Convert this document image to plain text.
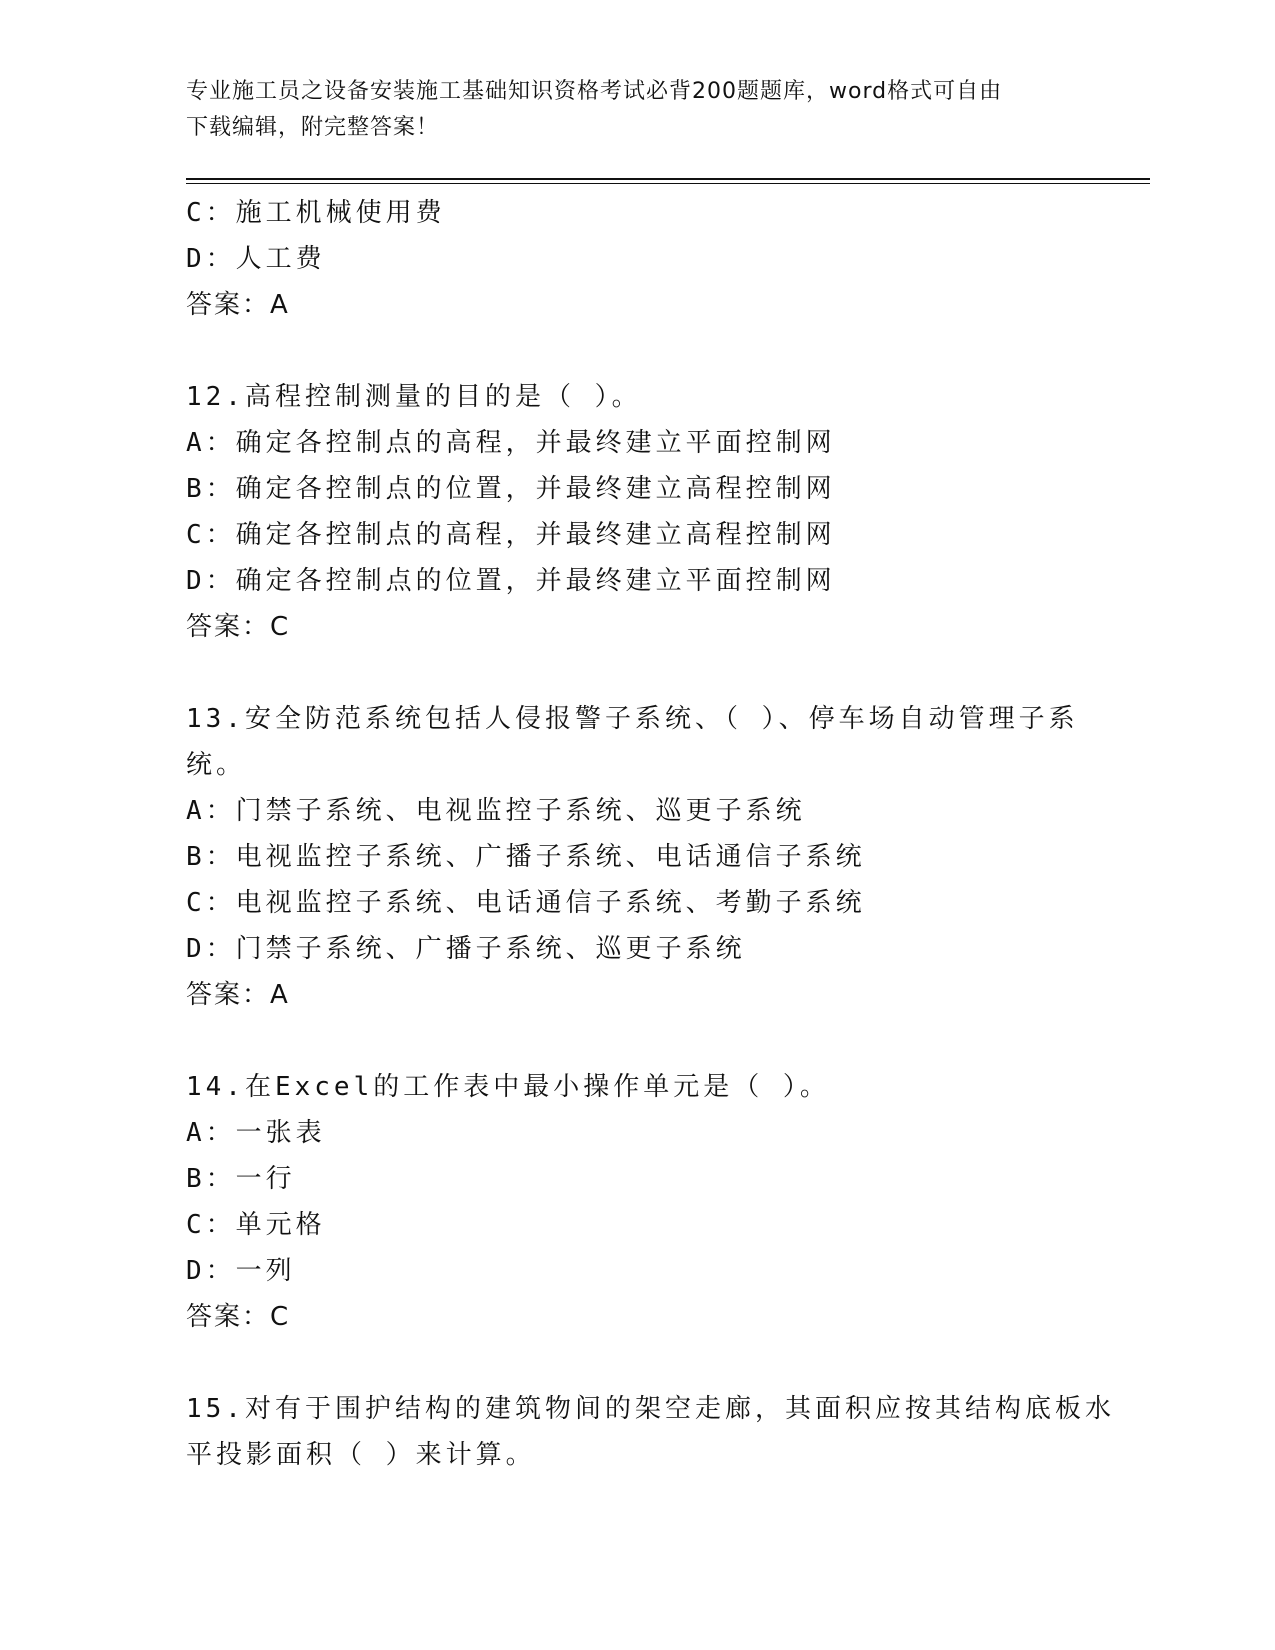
专业施工员之设备安装施工基础知识资格考试必背200题题库，word格式可自由
下载编辑，附完整答案！
C：施工机械使用费
D：人工费
答案：A
12.高程控制测量的目的是（ ）。
A：确定各控制点的高程，并最终建立平面控制网
B：确定各控制点的位置，并最终建立高程控制网
C：确定各控制点的高程，并最终建立高程控制网
D：确定各控制点的位置，并最终建立平面控制网
答案：C
13.安全防范系统包括人侵报警子系统、（ ）、停车场自动管理子系
统。
A：门禁子系统、电视监控子系统、巡更子系统
B：电视监控子系统、广播子系统、电话通信子系统
C：电视监控子系统、电话通信子系统、考勤子系统
D：门禁子系统、广播子系统、巡更子系统
答案：A
14.在Excel的工作表中最小操作单元是（ ）。
A：一张表
B：一行
C：单元格
D：一列
答案：C
15.对有于围护结构的建筑物间的架空走廊，其面积应按其结构底板水
平投影面积（ ）来计算。
